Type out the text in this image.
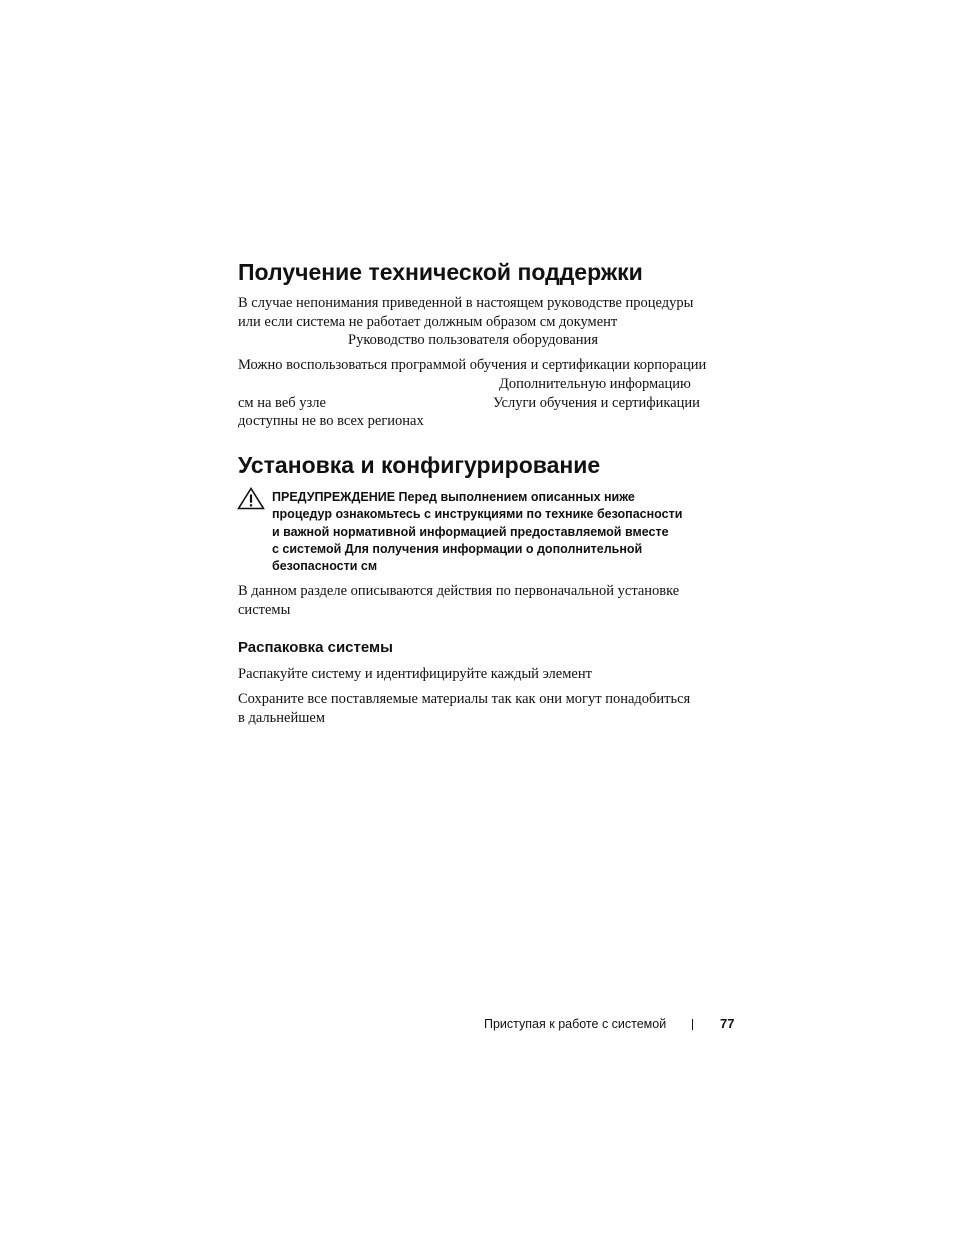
Получение технической поддержки
В случае непонимания приведенной в настоящем руководстве процедуры
или если система не работает должным образом см документ
Руководство пользователя оборудования
Можно воспользоваться программой обучения и сертификации корпорации
Дополнительную информацию
см на веб узле	Услуги обучения и сертификации
доступны не во всех регионах
Установка и конфигурирование
ПРЕДУПРЕЖДЕНИЕ Перед выполнением описанных ниже
процедур ознакомьтесь с инструкциями по технике безопасности
и важной нормативной информацией предоставляемой вместе
с системой Для получения информации о дополнительной
безопасности см
В данном разделе описываются действия по первоначальной установке
системы
Распаковка системы
Распакуйте систему и идентифицируйте каждый элемент
Сохраните все поставляемые материалы так как они могут понадобиться
в дальнейшем
Приступая к работе с системой	77
